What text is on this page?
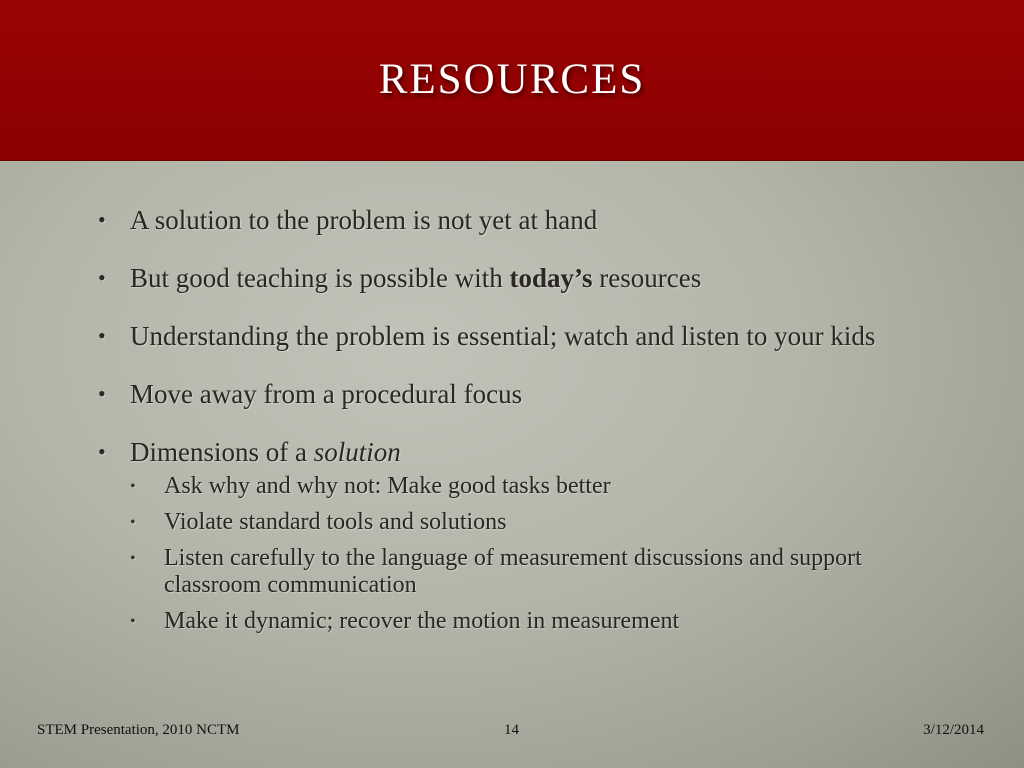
resources
• A solution to the problem is not yet at hand
• But good teaching is possible with today’s resources
• Understanding the problem is essential; watch and listen to your kids
• Move away from a procedural focus
• Dimensions of a solution
• Ask why and why not: Make good tasks better
• Violate standard tools and solutions
• Listen carefully to the language of measurement discussions and support classroom communication
• Make it dynamic; recover the motion in measurement
STEM Presentation, 2010 NCTM	14	3/12/2014
